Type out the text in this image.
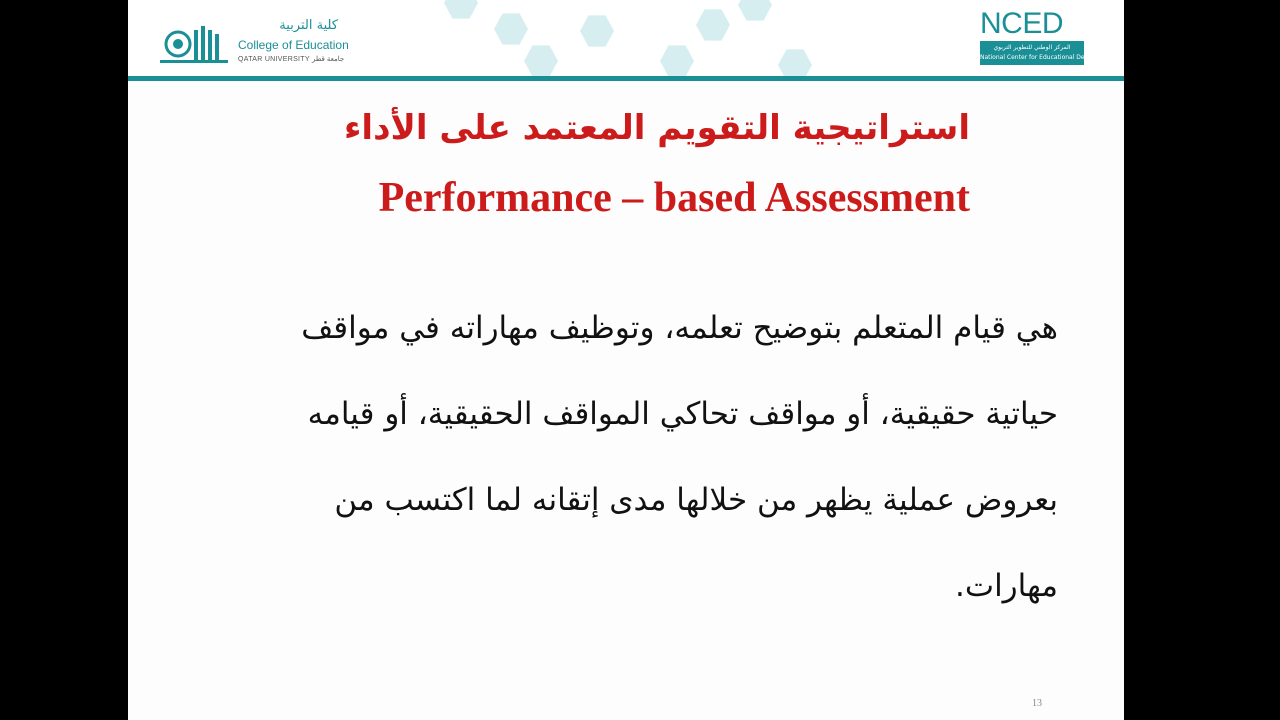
كلية التربية
College of Education
QATAR UNIVERSITY جامعة قطر
NCED
المركز الوطني للتطوير التربوي
National Center for Educational Development
استراتيجية التقويم المعتمد على الأداء
Performance – based Assessment
هي قيام المتعلم بتوضيح تعلمه، وتوظيف مهاراته في مواقف
حياتية حقيقية، أو مواقف تحاكي المواقف الحقيقية، أو قيامه
بعروض عملية يظهر من خلالها مدى إتقانه لما اكتسب من
مهارات.
13
